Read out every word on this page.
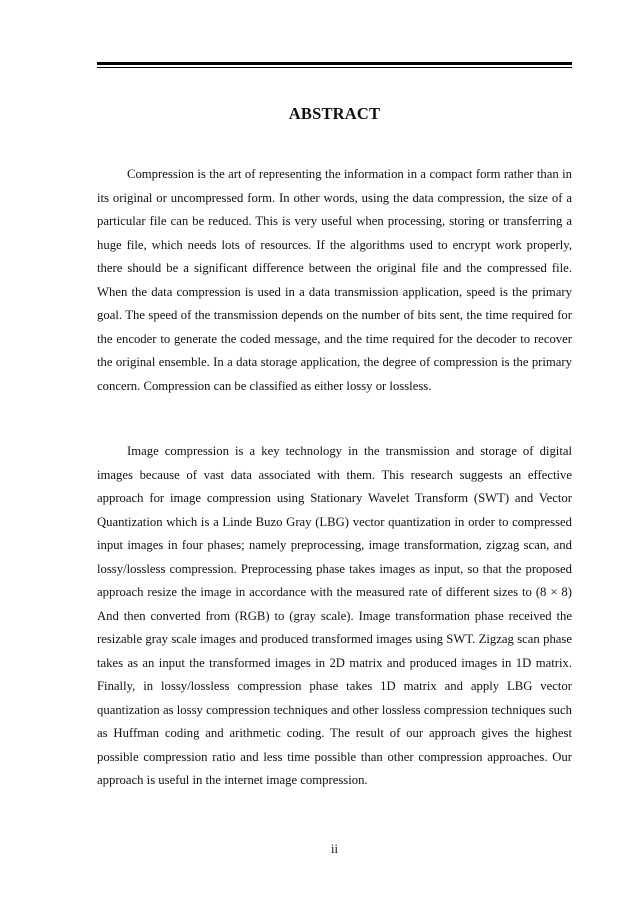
ABSTRACT

Compression is the art of representing the information in a compact form rather than in its original or uncompressed form. In other words, using the data compression, the size of a particular file can be reduced. This is very useful when processing, storing or transferring a huge file, which needs lots of resources. If the algorithms used to encrypt work properly, there should be a significant difference between the original file and the compressed file. When the data compression is used in a data transmission application, speed is the primary goal. The speed of the transmission depends on the number of bits sent, the time required for the encoder to generate the coded message, and the time required for the decoder to recover the original ensemble. In a data storage application, the degree of compression is the primary concern. Compression can be classified as either lossy or lossless.

Image compression is a key technology in the transmission and storage of digital images because of vast data associated with them. This research suggests an effective approach for image compression using Stationary Wavelet Transform (SWT) and Vector Quantization which is a Linde Buzo Gray (LBG) vector quantization in order to compressed input images in four phases; namely preprocessing, image transformation, zigzag scan, and lossy/lossless compression. Preprocessing phase takes images as input, so that the proposed approach resize the image in accordance with the measured rate of different sizes to (8 × 8) And then converted from (RGB) to (gray scale). Image transformation phase received the resizable gray scale images and produced transformed images using SWT. Zigzag scan phase takes as an input the transformed images in 2D matrix and produced images in 1D matrix. Finally, in lossy/lossless compression phase takes 1D matrix and apply LBG vector quantization as lossy compression techniques and other lossless compression techniques such as Huffman coding and arithmetic coding. The result of our approach gives the highest possible compression ratio and less time possible than other compression approaches. Our approach is useful in the internet image compression.

ii
